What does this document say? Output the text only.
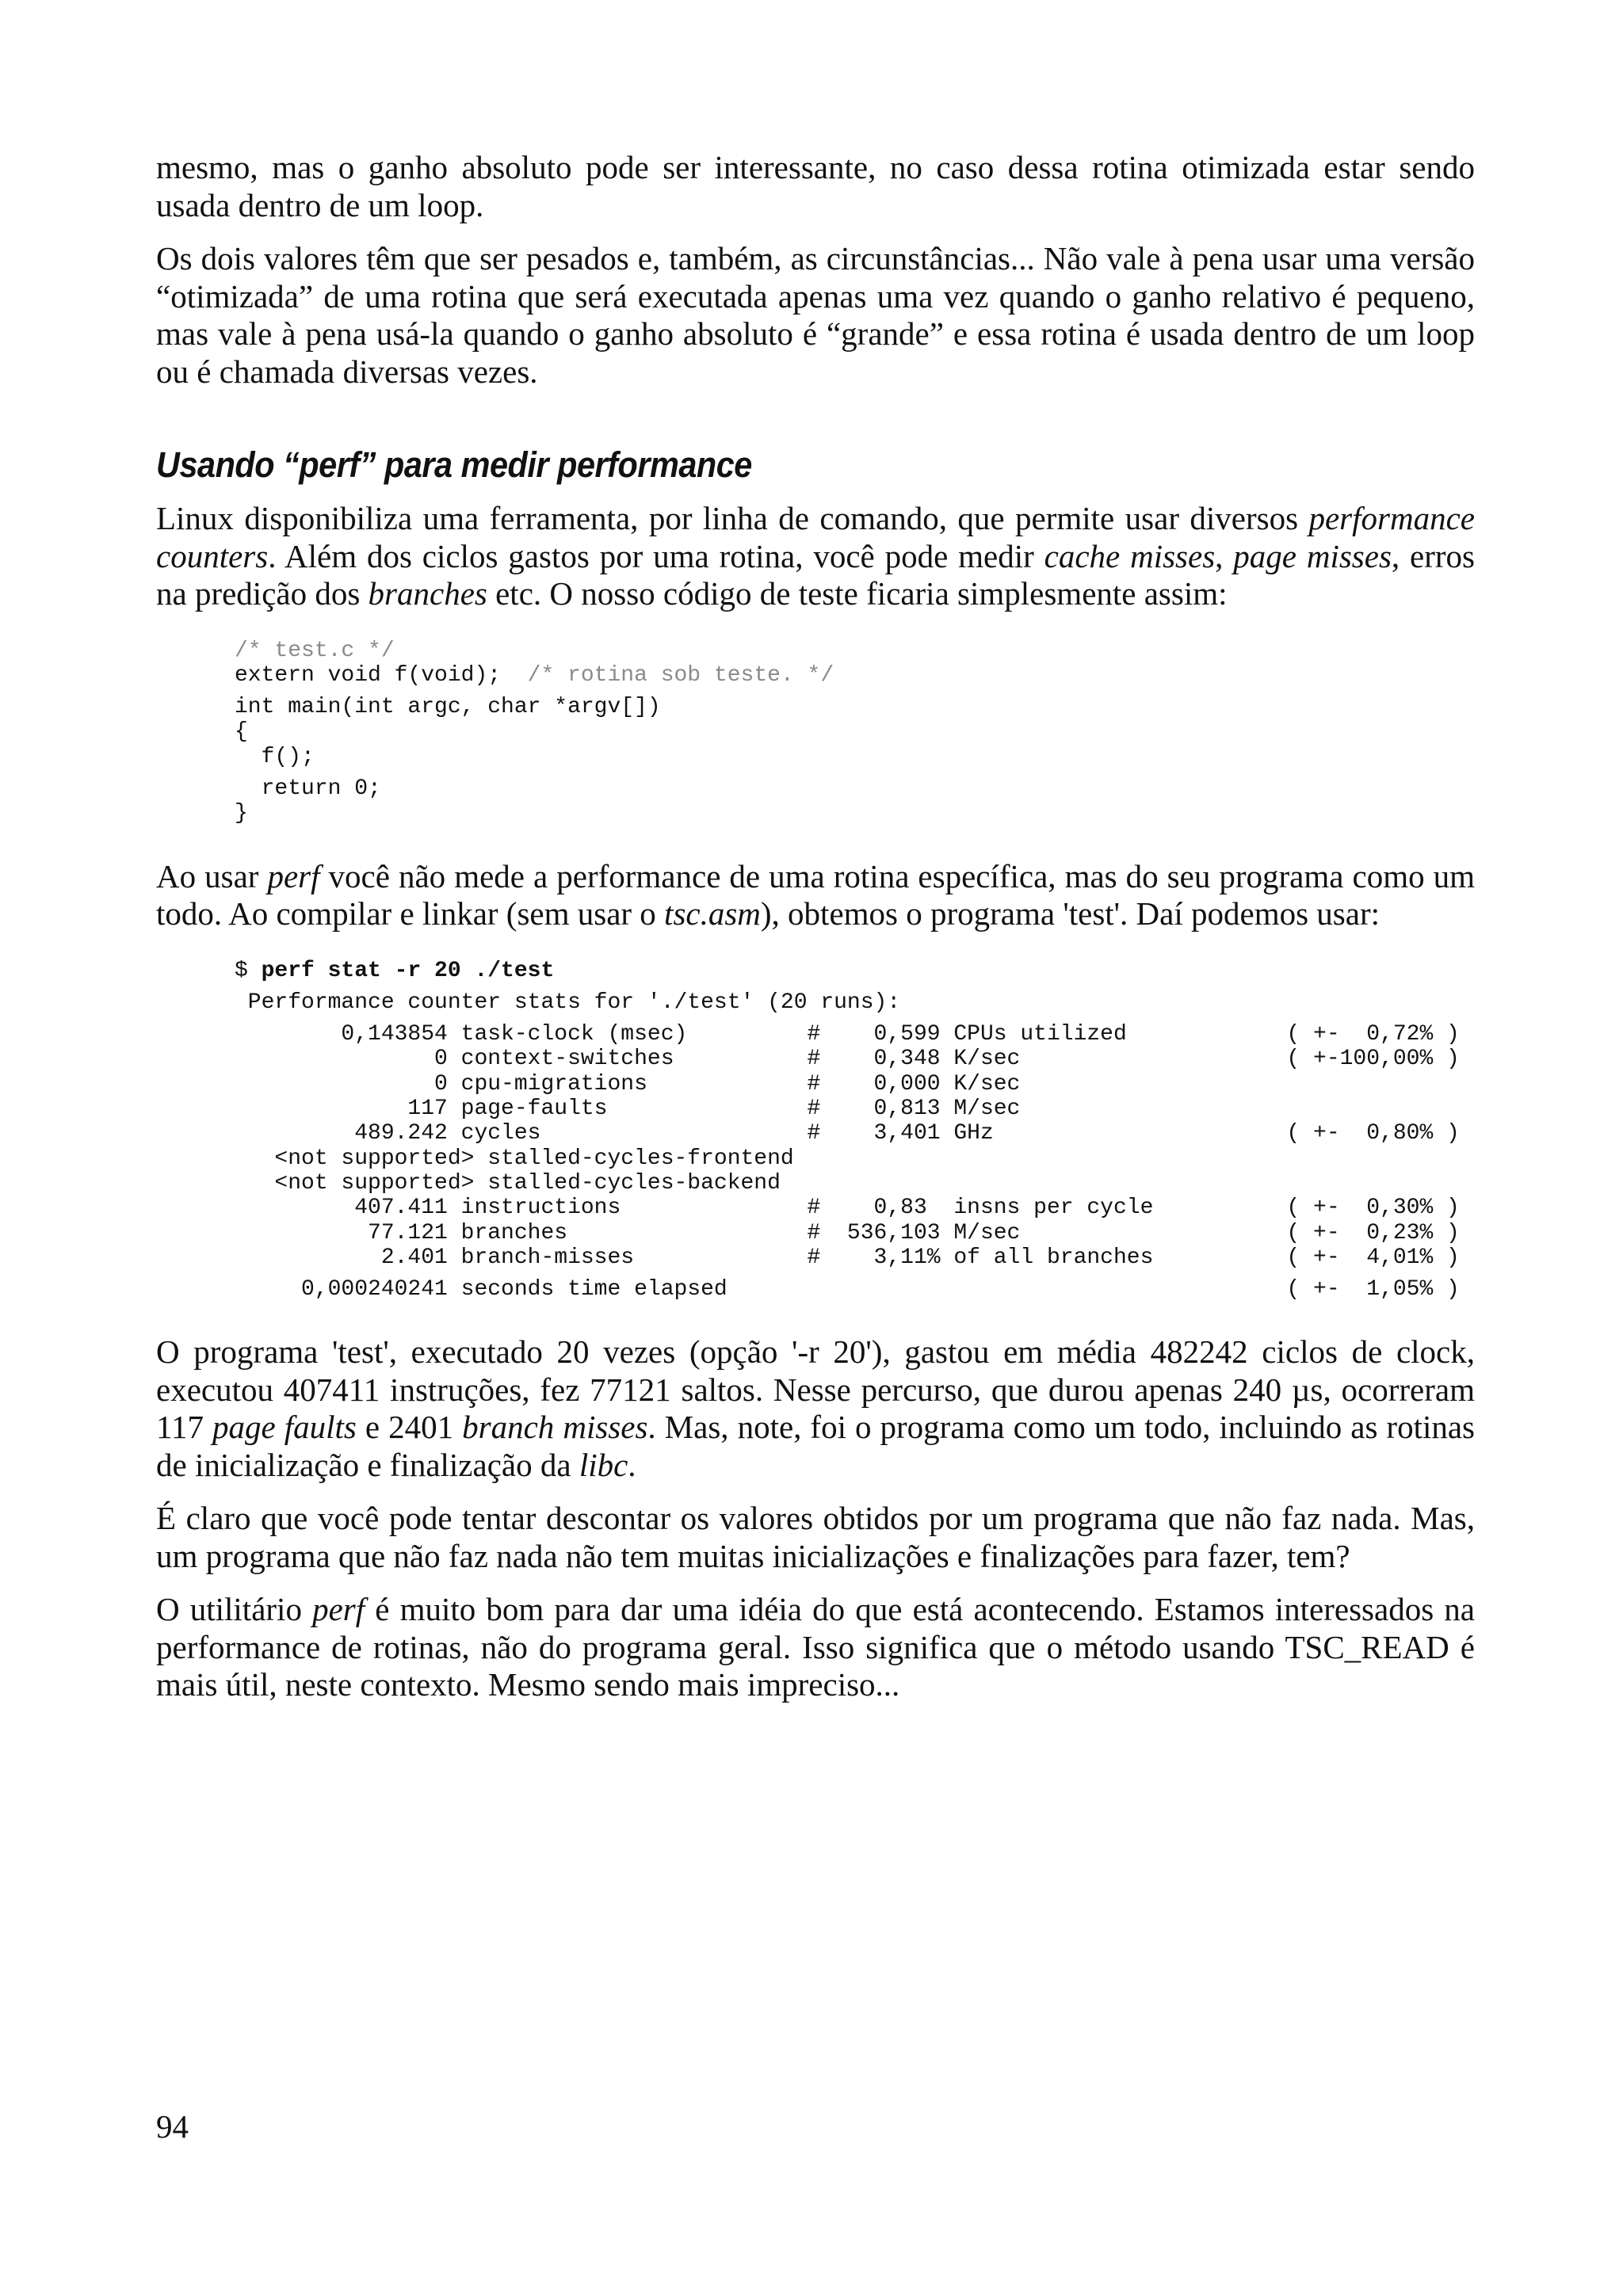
mesmo, mas o ganho absoluto pode ser interessante, no caso dessa rotina otimizada estar sendo usada dentro de um loop.

Os dois valores têm que ser pesados e, também, as circunstâncias... Não vale à pena usar uma versão “otimizada” de uma rotina que será executada apenas uma vez quando o ganho relativo é pequeno, mas vale à pena usá-la quando o ganho absoluto é “grande” e essa rotina é usada dentro de um loop ou é chamada diversas vezes.

Usando “perf” para medir performance

Linux disponibiliza uma ferramenta, por linha de comando, que permite usar diversos performance counters. Além dos ciclos gastos por uma rotina, você pode medir cache misses, page misses, erros na predição dos branches etc. O nosso código de teste ficaria simplesmente assim:

/* test.c */
extern void f(void);  /* rotina sob teste. */

int main(int argc, char *argv[])
{
f();

return 0;
}

Ao usar perf você não mede a performance de uma rotina específica, mas do seu programa como um todo. Ao compilar e linkar (sem usar o tsc.asm), obtemos o programa 'test'. Daí podemos usar:

$ perf stat -r 20 ./test

Performance counter stats for './test' (20 runs):

0,143854 task-clock (msec)         #    0,599 CPUs utilized            ( +-  0,72% )
0 context-switches          #    0,348 K/sec                    ( +-100,00% )
0 cpu-migrations            #    0,000 K/sec
117 page-faults               #    0,813 M/sec
489.242 cycles                    #    3,401 GHz                      ( +-  0,80% )
<not supported> stalled-cycles-frontend
<not supported> stalled-cycles-backend
407.411 instructions              #    0,83  insns per cycle          ( +-  0,30% )
77.121 branches                  #  536,103 M/sec                    ( +-  0,23% )
2.401 branch-misses             #    3,11% of all branches          ( +-  4,01% )

0,000240241 seconds time elapsed                                          ( +-  1,05% )

O programa 'test', executado 20 vezes (opção '-r 20'), gastou em média 482242 ciclos de clock, executou 407411 instruções, fez 77121 saltos. Nesse percurso, que durou apenas 240 µs, ocorreram 117 page faults e 2401 branch misses. Mas, note, foi o programa como um todo, incluindo as rotinas de inicialização e finalização da libc.

É claro que você pode tentar descontar os valores obtidos por um programa que não faz nada. Mas, um programa que não faz nada não tem muitas inicializações e finalizações para fazer, tem?

O utilitário perf é muito bom para dar uma idéia do que está acontecendo. Estamos interessados na performance de rotinas, não do programa geral. Isso significa que o método usando TSC_READ é mais útil, neste contexto. Mesmo sendo mais impreciso...

94
